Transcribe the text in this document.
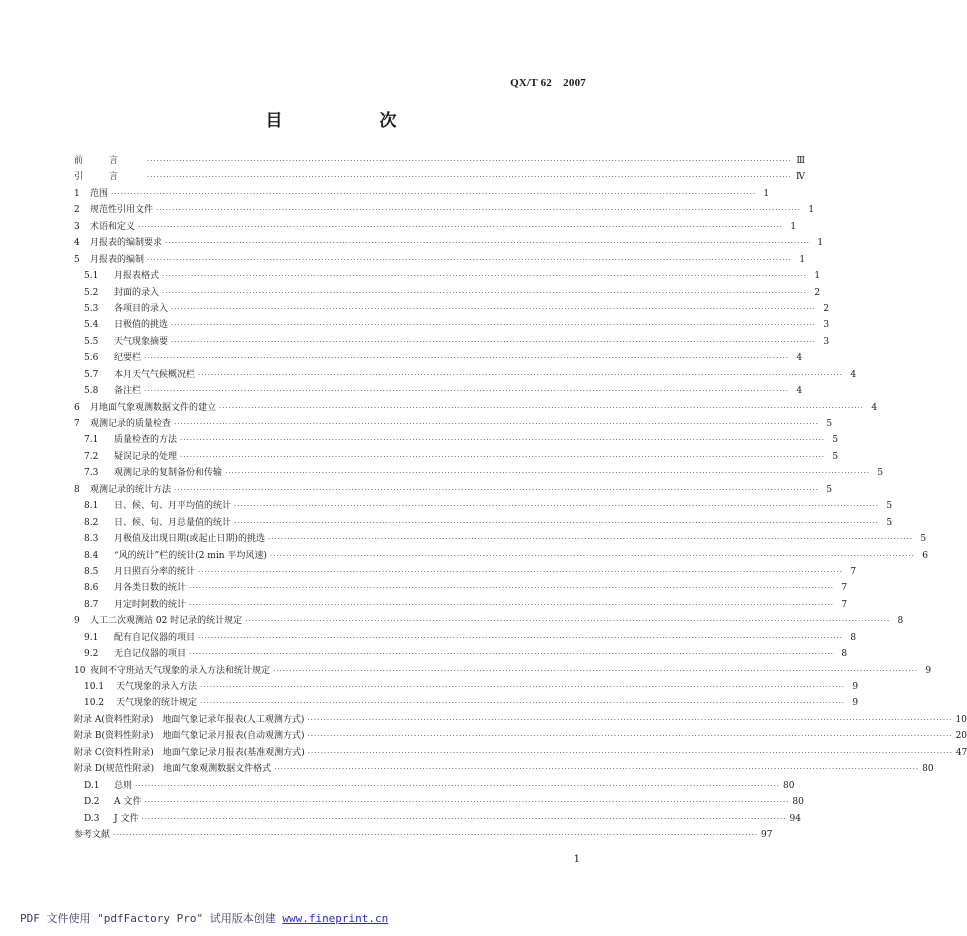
QX/T 62　2007
目　次
前言 ········································································································································································································ Ⅲ
引言 ········································································································································································································ Ⅳ
1	范围 ········································································································································································································ 1
2	规范性引用文件 ········································································································································································································ 1
3	术语和定义 ········································································································································································································ 1
4	月报表的编制要求 ········································································································································································································ 1
5	月报表的编制 ········································································································································································································ 1
5.1	月报表格式 ········································································································································································································ 1
5.2	封面的录入 ········································································································································································································ 2
5.3	各项目的录入 ········································································································································································································ 2
5.4	日极值的挑选 ········································································································································································································ 3
5.5	天气现象摘要 ········································································································································································································ 3
5.6	纪要栏 ········································································································································································································ 4
5.7	本月天气气候概况栏 ········································································································································································································ 4
5.8	备注栏 ········································································································································································································ 4
6	月地面气象观测数据文件的建立 ········································································································································································································ 4
7	观测记录的质量检查 ········································································································································································································ 5
7.1	质量检查的方法 ········································································································································································································ 5
7.2	疑误记录的处理 ········································································································································································································ 5
7.3	观测记录的复制备份和传输 ········································································································································································································ 5
8	观测记录的统计方法 ········································································································································································································ 5
8.1	日、候、旬、月平均值的统计 ········································································································································································································ 5
8.2	日、候、旬、月总量值的统计 ········································································································································································································ 5
8.3	月极值及出现日期(或起止日期)的挑选 ········································································································································································································ 5
8.4	“风的统计”栏的统计(2 min 平均风速) ········································································································································································································ 6
8.5	月日照百分率的统计 ········································································································································································································ 7
8.6	月各类日数的统计 ········································································································································································································ 7
8.7	月定时阿数的统计 ········································································································································································································ 7
9	人工二次观测站 02 时记录的统计规定 ········································································································································································································ 8
9.1	配有自记仪器的项目 ········································································································································································································ 8
9.2	无自记仪器的项目 ········································································································································································································ 8
10 夜间不守班站天气现象的录入方法和统计规定 ········································································································································································································ 9
10.1	天气现象的录入方法 ········································································································································································································ 9
10.2	天气现象的统计规定 ········································································································································································································ 9
附录 A(资料性附录)　地面气象记录年报表(人工观测方式) ········································································································································································································ 10
附录 B(资料性附录)　地面气象记录月报表(自动观测方式) ········································································································································································································ 20
附录 C(资料性附录)　地面气象记录月报表(基准观测方式) ········································································································································································································ 47
附录 D(规范性附录)　地面气象观测数据文件格式 ········································································································································································································ 80
D.1	总则 ········································································································································································································ 80
D.2	A 文件 ········································································································································································································ 80
D.3	J 文件 ········································································································································································································ 94
参考文献 ········································································································································································································ 97
1
PDF 文件使用 "pdfFactory Pro" 试用版本创建 www.fineprint.cn
